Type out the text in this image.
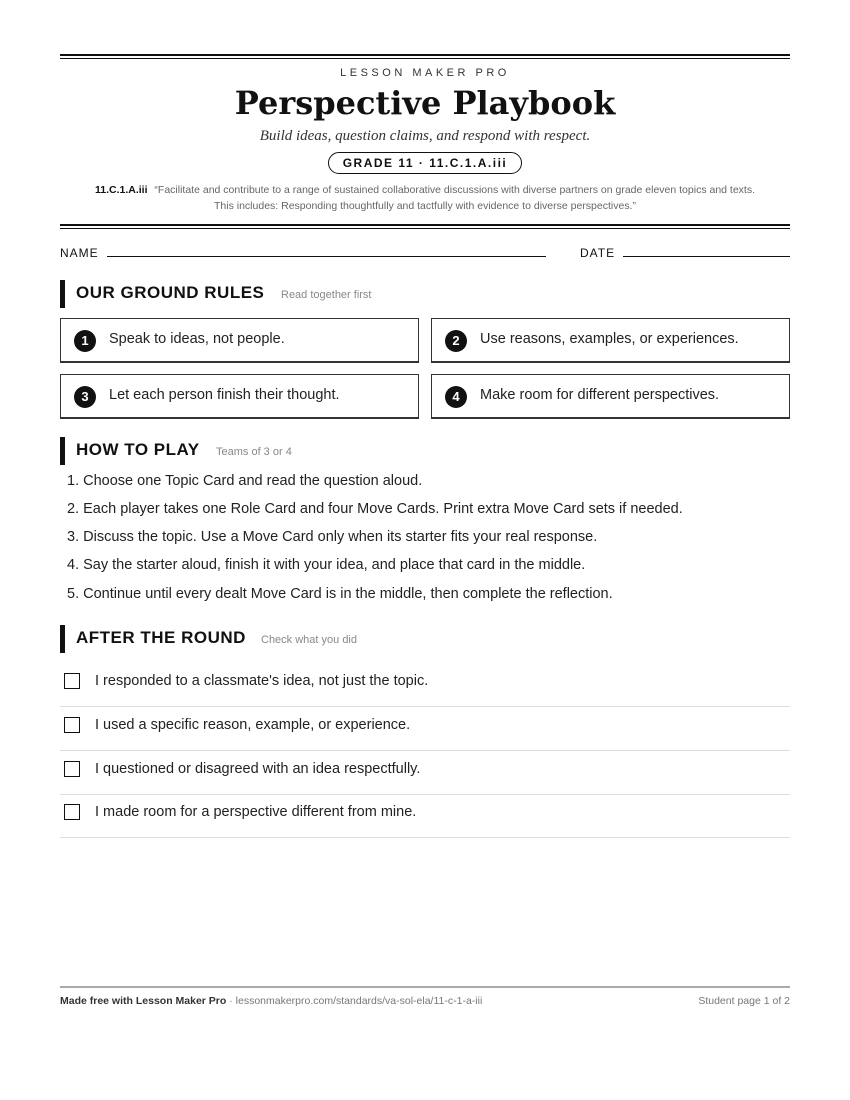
LESSON MAKER PRO
Perspective Playbook
Build ideas, question claims, and respond with respect.
GRADE 11 · 11.C.1.A.iii
11.C.1.A.iii “Facilitate and contribute to a range of sustained collaborative discussions with diverse partners on grade eleven topics and texts.
This includes: Responding thoughtfully and tactfully with evidence to diverse perspectives.”
NAME	DATE
OUR GROUND RULES Read together first
1	Speak to ideas, not people.	2	Use reasons, examples, or experiences.
3	Let each person finish their thought.	4	Make room for different perspectives.
HOW TO PLAY Teams of 3 or 4
1. Choose one Topic Card and read the question aloud.
2. Each player takes one Role Card and four Move Cards. Print extra Move Card sets if needed.
3. Discuss the topic. Use a Move Card only when its starter fits your real response.
4. Say the starter aloud, finish it with your idea, and place that card in the middle.
5. Continue until every dealt Move Card is in the middle, then complete the reflection.
AFTER THE ROUND Check what you did
I responded to a classmate's idea, not just the topic.
I used a specific reason, example, or experience.
I questioned or disagreed with an idea respectfully.
I made room for a perspective different from mine.
Made free with Lesson Maker Pro · lessonmakerpro.com/standards/va-sol-ela/11-c-1-a-iii	Student page 1 of 2
